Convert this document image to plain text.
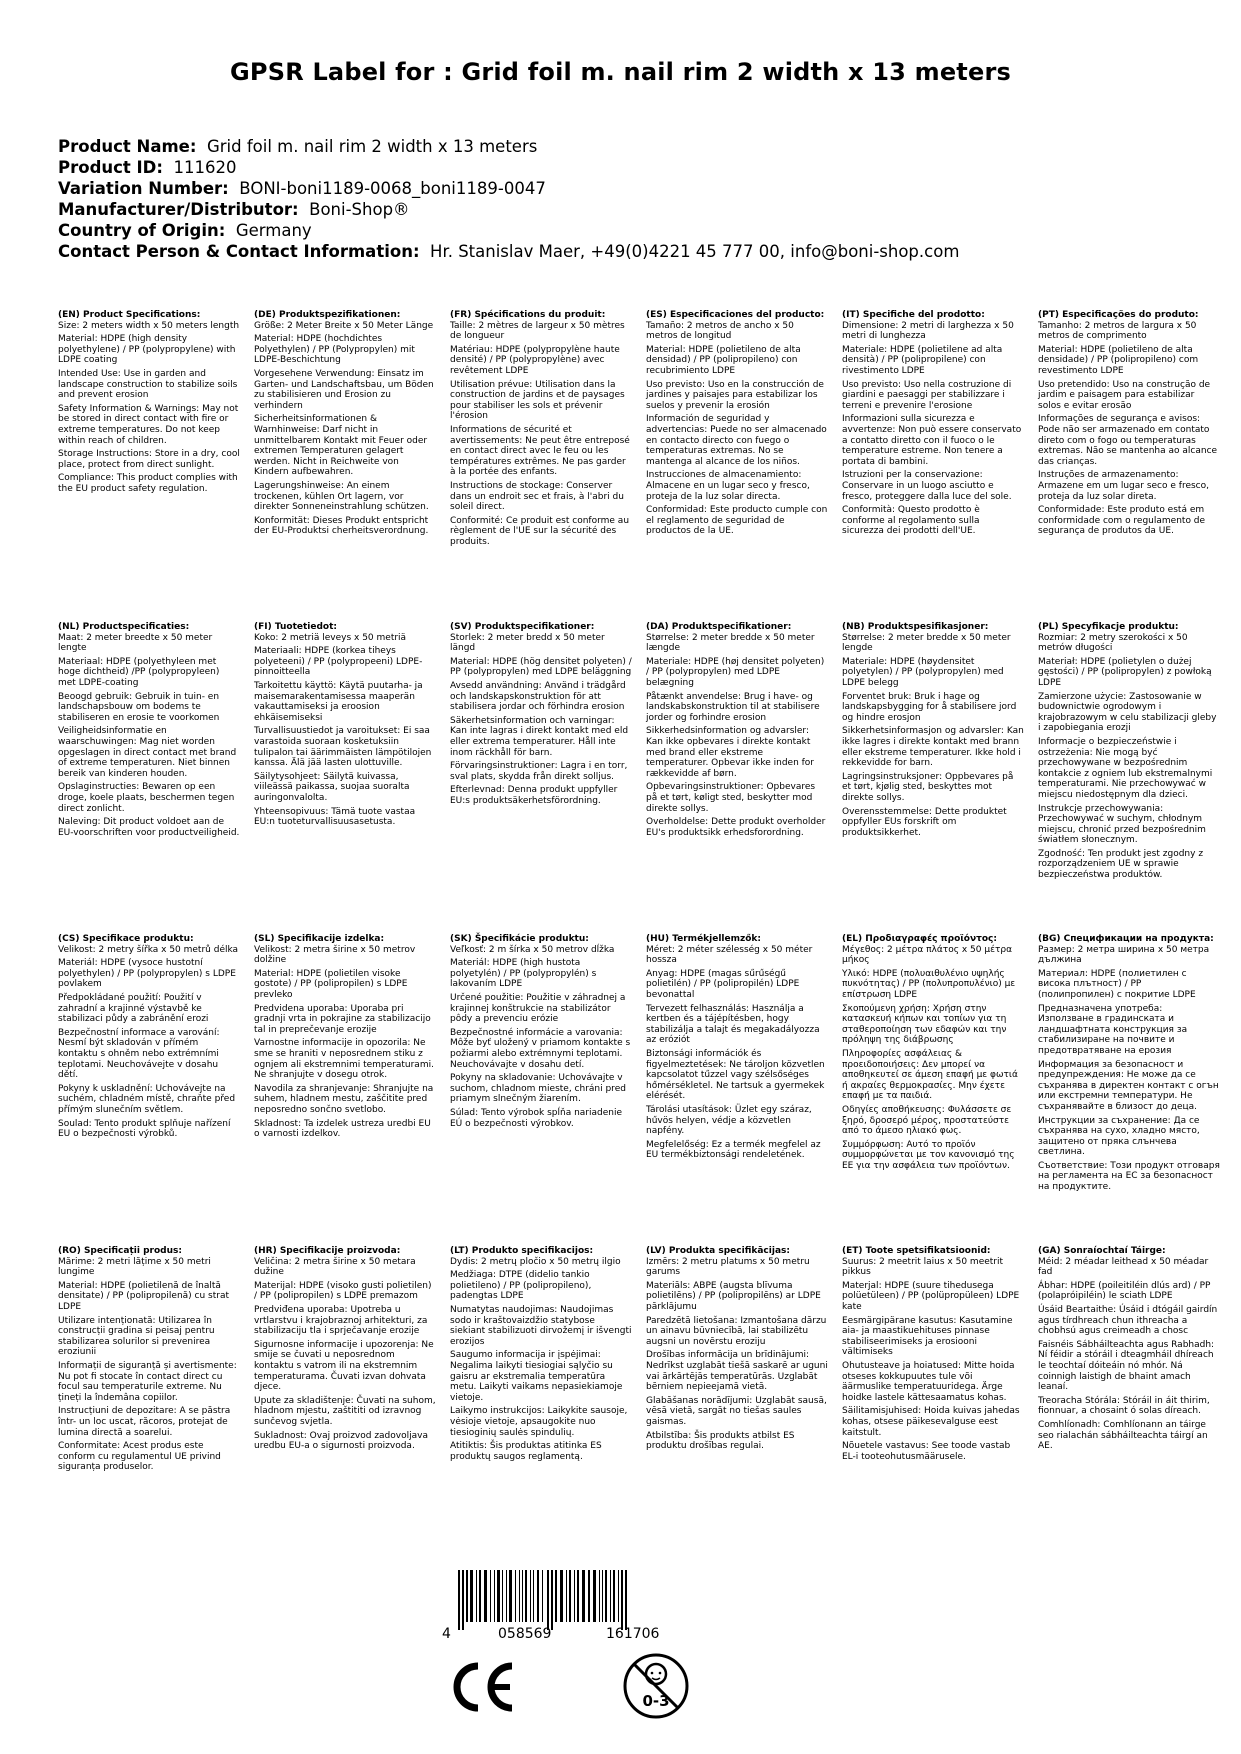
GPSR Label for : Grid foil m. nail rim 2 width x 13 meters
Product Name: Grid foil m. nail rim 2 width x 13 meters
Product ID: 111620
Variation Number: BONI-boni1189-0068_boni1189-0047
Manufacturer/Distributor: Boni-Shop®
Country of Origin: Germany
Contact Person & Contact Information: Hr. Stanislav Maer, +49(0)4221 45 777 00, info@boni-shop.com
(EN) Product Specifications:

Size: 2 meters width x 50 meters length

Material: HDPE (high density polyethylene) / PP (polypropylene) with LDPE coating

Intended Use: Use in garden and landscape construction to stabilize soils and prevent erosion

Safety Information & Warnings: May not be stored in direct contact with fire or extreme temperatures. Do not keep within reach of children.

Storage Instructions: Store in a dry, cool place, protect from direct sunlight.

Compliance: This product complies with the EU product safety regulation.

(DE) Produktspezifikationen:

Größe: 2 Meter Breite x 50 Meter Länge

Material: HDPE (hochdichtes Polyethylen) / PP (Polypropylen) mit LDPE-Beschichtung

Vorgesehene Verwendung: Einsatz im Garten- und Landschaftsbau, um Böden zu stabilisieren und Erosion zu verhindern

Sicherheitsinformationen & Warnhinweise: Darf nicht in unmittelbarem Kontakt mit Feuer oder extremen Temperaturen gelagert werden. Nicht in Reichweite von Kindern aufbewahren.

Lagerungshinweise: An einem trockenen, kühlen Ort lagern, vor direkter Sonneneinstrahlung schützen.

Konformität: Dieses Produkt entspricht der EU-Produktsi cherheitsverordnung.

(FR) Spécifications du produit:

Taille: 2 mètres de largeur x 50 mètres de longueur

Matériau: HDPE (polypropylène haute densité) / PP (polypropylène) avec revêtement LDPE

Utilisation prévue: Utilisation dans la construction de jardins et de paysages pour stabiliser les sols et prévenir l'érosion

Informations de sécurité et avertissements: Ne peut être entreposé en contact direct avec le feu ou les températures extrêmes. Ne pas garder à la portée des enfants.

Instructions de stockage: Conserver dans un endroit sec et frais, à l'abri du soleil direct.

Conformité: Ce produit est conforme au règlement de l'UE sur la sécurité des produits.

(ES) Especificaciones del producto:

Tamaño: 2 metros de ancho x 50 metros de longitud

Material: HDPE (polietileno de alta densidad) / PP (polipropileno) con recubrimiento LDPE

Uso previsto: Uso en la construcción de jardines y paisajes para estabilizar los suelos y prevenir la erosión

Información de seguridad y advertencias: Puede no ser almacenado en contacto directo con fuego o temperaturas extremas. No se mantenga al alcance de los niños.

Instrucciones de almacenamiento: Almacene en un lugar seco y fresco, proteja de la luz solar directa.

Conformidad: Este producto cumple con el reglamento de seguridad de productos de la UE.

(IT) Specifiche del prodotto:

Dimensione: 2 metri di larghezza x 50 metri di lunghezza

Materiale: HDPE (polietilene ad alta densità) / PP (polipropilene) con rivestimento LDPE

Uso previsto: Uso nella costruzione di giardini e paesaggi per stabilizzare i terreni e prevenire l'erosione

Informazioni sulla sicurezza e avvertenze: Non può essere conservato a contatto diretto con il fuoco o le temperature estreme. Non tenere a portata di bambini.

Istruzioni per la conservazione: Conservare in un luogo asciutto e fresco, proteggere dalla luce del sole.

Conformità: Questo prodotto è conforme al regolamento sulla sicurezza dei prodotti dell'UE.

(PT) Especificações do produto:

Tamanho: 2 metros de largura x 50 metros de comprimento

Material: HDPE (polietileno de alta densidade) / PP (polipropileno) com revestimento LDPE

Uso pretendido: Uso na construção de jardim e paisagem para estabilizar solos e evitar erosão

Informações de segurança e avisos: Pode não ser armazenado em contato direto com o fogo ou temperaturas extremas. Não se mantenha ao alcance das crianças.

Instruções de armazenamento: Armazene em um lugar seco e fresco, proteja da luz solar direta.

Conformidade: Este produto está em conformidade com o regulamento de segurança de produtos da UE.

(NL) Productspecificaties:

Maat: 2 meter breedte x 50 meter lengte

Materiaal: HDPE (polyethyleen met hoge dichtheid) /PP (polypropyleen) met LDPE-coating

Beoogd gebruik: Gebruik in tuin- en landschapsbouw om bodems te stabiliseren en erosie te voorkomen

Veiligheidsinformatie en waarschuwingen: Mag niet worden opgeslagen in direct contact met brand of extreme temperaturen. Niet binnen bereik van kinderen houden.

Opslaginstructies: Bewaren op een droge, koele plaats, beschermen tegen direct zonlicht.

Naleving: Dit product voldoet aan de EU-voorschriften voor productveiligheid.

(FI) Tuotetiedot:

Koko: 2 metriä leveys x 50 metriä

Materiaali: HDPE (korkea tiheys polyeteeni) / PP (polypropeeni) LDPE-pinnoitteella

Tarkoitettu käyttö: Käytä puutarha- ja maisemarakentamisessa maaperän vakauttamiseksi ja eroosion ehkäisemiseksi

Turvallisuustiedot ja varoitukset: Ei saa varastoida suoraan kosketuksiin tulipalon tai äärimmäisten lämpötilojen kanssa. Älä jää lasten ulottuville.

Säilytysohjeet: Säilytä kuivassa, viileässä paikassa, suojaa suoralta auringonvalolta.

Yhteensopivuus: Tämä tuote vastaa EU:n tuoteturvallisuusasetusta.

(SV) Produktspecifikationer:

Storlek: 2 meter bredd x 50 meter längd

Material: HDPE (hög densitet polyeten) / PP (polypropylen) med LDPE beläggning

Avsedd användning: Använd i trädgård och landskapskonstruktion för att stabilisera jordar och förhindra erosion

Säkerhetsinformation och varningar: Kan inte lagras i direkt kontakt med eld eller extrema temperaturer. Håll inte inom räckhåll för barn.

Förvaringsinstruktioner: Lagra i en torr, sval plats, skydda från direkt solljus.

Efterlevnad: Denna produkt uppfyller EU:s produktsäkerhetsförordning.

(DA) Produktspecifikationer:

Størrelse: 2 meter bredde x 50 meter længde

Materiale: HDPE (høj densitet polyeten) / PP (polypropylen) med LDPE belægning

Påtænkt anvendelse: Brug i have- og landskabskonstruktion til at stabilisere jorder og forhindre erosion

Sikkerhedsinformation og advarsler: Kan ikke opbevares i direkte kontakt med brand eller ekstreme temperaturer. Opbevar ikke inden for rækkevidde af børn.

Opbevaringsinstruktioner: Opbevares på et tørt, køligt sted, beskytter mod direkte sollys.

Overholdelse: Dette produkt overholder EU's produktsikk erhedsforordning.

(NB) Produktspesifikasjoner:

Størrelse: 2 meter bredde x 50 meter lengde

Materiale: HDPE (høydensitet polyetylen) / PP (polypropylen) med LDPE belegg

Forventet bruk: Bruk i hage og landskapsbygging for å stabilisere jord og hindre erosjon

Sikkerhetsinformasjon og advarsler: Kan ikke lagres i direkte kontakt med brann eller ekstreme temperaturer. Ikke hold i rekkevidde for barn.

Lagringsinstruksjoner: Oppbevares på et tørt, kjølig sted, beskyttes mot direkte sollys.

Overensstemmelse: Dette produktet oppfyller EUs forskrift om produktsikkerhet.

(PL) Specyfikacje produktu:

Rozmiar: 2 metry szerokości x 50 metrów długości

Materiał: HDPE (polietylen o dużej gęstości) / PP (polipropylen) z powłoką LDPE

Zamierzone użycie: Zastosowanie w budownictwie ogrodowym i krajobrazowym w celu stabilizacji gleby i zapobiegania erozji

Informacje o bezpieczeństwie i ostrzeżenia: Nie mogą być przechowywane w bezpośrednim kontakcie z ogniem lub ekstremalnymi temperaturami. Nie przechowywać w miejscu niedostępnym dla dzieci.

Instrukcje przechowywania: Przechowywać w suchym, chłodnym miejscu, chronić przed bezpośrednim światłem słonecznym.

Zgodność: Ten produkt jest zgodny z rozporządzeniem UE w sprawie bezpieczeństwa produktów.

(CS) Specifikace produktu:

Velikost: 2 metry šířka x 50 metrů délka

Materiál: HDPE (vysoce hustotní polyethylen) / PP (polypropylen) s LDPE povlakem

Předpokládané použití: Použití v zahradní a krajinné výstavbě ke stabilizaci půdy a zabránění erozi

Bezpečnostní informace a varování: Nesmí být skladován v přímém kontaktu s ohněm nebo extrémními teplotami. Neuchovávejte v dosahu dětí.

Pokyny k uskladnění: Uchovávejte na suchém, chladném místě, chraňte před přímým slunečním světlem.

Soulad: Tento produkt splňuje nařízení EU o bezpečnosti výrobků.

(SL) Specifikacije izdelka:

Velikost: 2 metra širine x 50 metrov dolžine

Material: HDPE (polietilen visoke gostote) / PP (polipropilen) s LDPE prevleko

Predvidena uporaba: Uporaba pri gradnji vrta in pokrajine za stabilizacijo tal in preprečevanje erozije

Varnostne informacije in opozorila: Ne sme se hraniti v neposrednem stiku z ognjem ali ekstremnimi temperaturami. Ne shranjujte v dosegu otrok.

Navodila za shranjevanje: Shranjujte na suhem, hladnem mestu, zaščitite pred neposredno sončno svetlobo.

Skladnost: Ta izdelek ustreza uredbi EU o varnosti izdelkov.

(SK) Špecifikácie produktu:

Veľkosť: 2 m šírka x 50 metrov dĺžka

Materiál: HDPE (high hustota polyetylén) / PP (polypropylén) s lakovaním LDPE

Určené použitie: Použitie v záhradnej a krajinnej konštrukcie na stabilizátor pôdy a prevenciu erózie

Bezpečnostné informácie a varovania: Môže byť uložený v priamom kontakte s požiarmi alebo extrémnymi teplotami. Neuchovávajte v dosahu detí.

Pokyny na skladovanie: Uchovávajte v suchom, chladnom mieste, chráni pred priamym slnečným žiarením.

Súlad: Tento výrobok spĺňa nariadenie EÚ o bezpečnosti výrobkov.

(HU) Termékjellemzők:

Méret: 2 méter szélesség x 50 méter hossza

Anyag: HDPE (magas sűrűségű polietilén) / PP (polipropilén) LDPE bevonattal

Tervezett felhasználás: Használja a kertben és a tájépítésben, hogy stabilizálja a talajt és megakadályozza az eróziót

Biztonsági információk és figyelmeztetések: Ne tároljon közvetlen kapcsolatot tűzzel vagy szélsőséges hőmérsékletel. Ne tartsuk a gyermekek elérését.

Tárolási utasítások: Üzlet egy száraz, hűvös helyen, védje a közvetlen napfény.

Megfelelőség: Ez a termék megfelel az EU termékbiztonsági rendeletének.

(EL) Προδιαγραφές προϊόντος:

Μέγεθος: 2 μέτρα πλάτος x 50 μέτρα μήκος

Υλικό: HDPE (πολυαιθυλένιο υψηλής πυκνότητας) / PP (πολυπροπυλένιο) με επίστρωση LDPE

Σκοπούμενη χρήση: Χρήση στην κατασκευή κήπων και τοπίων για τη σταθεροποίηση των εδαφών και την πρόληψη της διάβρωσης

Πληροφορίες ασφάλειας & προειδοποιήσεις: Δεν μπορεί να αποθηκευτεί σε άμεση επαφή με φωτιά ή ακραίες θερμοκρασίες. Μην έχετε επαφή με τα παιδιά.

Οδηγίες αποθήκευσης: Φυλάσσετε σε ξηρό, δροσερό μέρος, προστατεύστε από το άμεσο ηλιακό φως.

Συμμόρφωση: Αυτό το προϊόν συμμορφώνεται με τον κανονισμό της ΕΕ για την ασφάλεια των προϊόντων.

(BG) Спецификации на продукта:

Размер: 2 метра ширина x 50 метра дължина

Материал: HDPE (полиетилен с висока плътност) / PP (полипропилен) с покритие LDPE

Предназначена употреба: Използване в градинската и ландшафтната конструкция за стабилизиране на почвите и предотвратяване на ерозия

Информация за безопасност и предупреждения: Не може да се съхранява в директен контакт с огън или екстремни температури. Не съхранявайте в близост до деца.

Инструкции за съхранение: Да се съхранява на сухо, хладно място, защитено от пряка слънчева светлина.

Съответствие: Този продукт отговаря на регламента на ЕС за безопасност на продуктите.

(RO) Specificații produs:

Mărime: 2 metri lățime x 50 metri lungime

Material: HDPE (polietilenă de înaltă densitate) / PP (polipropilenă) cu strat LDPE

Utilizare intenționată: Utilizarea în construcții gradina si peisaj pentru stabilizarea solurilor si prevenirea eroziunii

Informații de siguranță și avertismente: Nu pot fi stocate în contact direct cu focul sau temperaturile extreme. Nu țineți la îndemâna copiilor.

Instrucțiuni de depozitare: A se păstra într- un loc uscat, răcoros, protejat de lumina directă a soarelui.

Conformitate: Acest produs este conform cu regulamentul UE privind siguranța produselor.

(HR) Specifikacije proizvoda:

Veličina: 2 metra širine x 50 metara dužine

Materijal: HDPE (visoko gusti polietilen) / PP (polipropilen) s LDPE premazom

Predviđena uporaba: Upotreba u vrtlarstvu i krajobraznoj arhitekturi, za stabilizaciju tla i sprječavanje erozije

Sigurnosne informacije i upozorenja: Ne smije se čuvati u neposrednom kontaktu s vatrom ili na ekstremnim temperaturama. Čuvati izvan dohvata djece.

Upute za skladištenje: Čuvati na suhom, hladnom mjestu, zaštititi od izravnog sunčevog svjetla.

Sukladnost: Ovaj proizvod zadovoljava uredbu EU-a o sigurnosti proizvoda.

(LT) Produkto specifikacijos:

Dydis: 2 metrų pločio x 50 metrų ilgio

Medžiaga: DTPE (didelio tankio polietileno) / PP (polipropileno), padengtas LDPE

Numatytas naudojimas: Naudojimas sodo ir kraštovaizdžio statybose siekiant stabilizuoti dirvožemį ir išvengti erozijos

Saugumo informacija ir įspėjimai: Negalima laikyti tiesiogiai sąlyčio su gaisru ar ekstremalia temperatūra metu. Laikyti vaikams nepasiekiamoje vietoje.

Laikymo instrukcijos: Laikykite sausoje, vėsioje vietoje, apsaugokite nuo tiesioginių saulės spindulių.

Atitiktis: Šis produktas atitinka ES produktų saugos reglamentą.

(LV) Produkta specifikācijas:

Izmērs: 2 metru platums x 50 metru garums

Materiāls: ABPE (augsta blīvuma polietilēns) / PP (polipropilēns) ar LDPE pārklājumu

Paredzētā lietošana: Izmantošana dārzu un ainavu būvniecībā, lai stabilizētu augsni un novērstu eroziju

Drošības informācija un brīdinājumi: Nedrīkst uzglabāt tiešā saskarē ar uguni vai ārkārtējās temperatūrās. Uzglabāt bērniem nepieejamā vietā.

Glabāšanas norādījumi: Uzglabāt sausā, vēsā vietā, sargāt no tiešas saules gaismas.

Atbilstība: Šis produkts atbilst ES produktu drošības regulai.

(ET) Toote spetsifikatsioonid:

Suurus: 2 meetrit laius x 50 meetrit pikkus

Materjal: HDPE (suure tihedusega polüetüleen) / PP (polüpropüleen) LDPE kate

Eesmärgipärane kasutus: Kasutamine aia- ja maastikuehituses pinnase stabiliseerimiseks ja erosiooni vältimiseks

Ohutusteave ja hoiatused: Mitte hoida otseses kokkupuutes tule või äärmuslike temperatuuridega. Ärge hoidke lastele kättesaamatus kohas.

Säilitamisjuhised: Hoida kuivas jahedas kohas, otsese päikesevalguse eest kaitstult.

Nõuetele vastavus: See toode vastab EL-i tooteohutusmäärusele.

(GA) Sonraíochtaí Táirge:

Méid: 2 méadar leithead x 50 méadar fad

Ábhar: HDPE (poileitiléin dlús ard) / PP (polapróipiléin) le sciath LDPE

Úsáid Beartaithe: Úsáid i dtógáil gairdín agus tírdhreach chun ithreacha a chobhsú agus creimeadh a chosc

Faisnéis Sábháilteachta agus Rabhadh: Ní féidir a stóráil i dteagmháil dhíreach le teochtaí dóiteáin nó mhór. Ná coinnigh laistigh de bhaint amach leanaí.

Treoracha Stórála: Stóráil in áit thirim, fionnuar, a chosaint ó solas díreach.

Comhlíonadh: Comhlíonann an táirge seo rialachán sábháilteachta táirgí an AE.

4	058569	161706
0-3
